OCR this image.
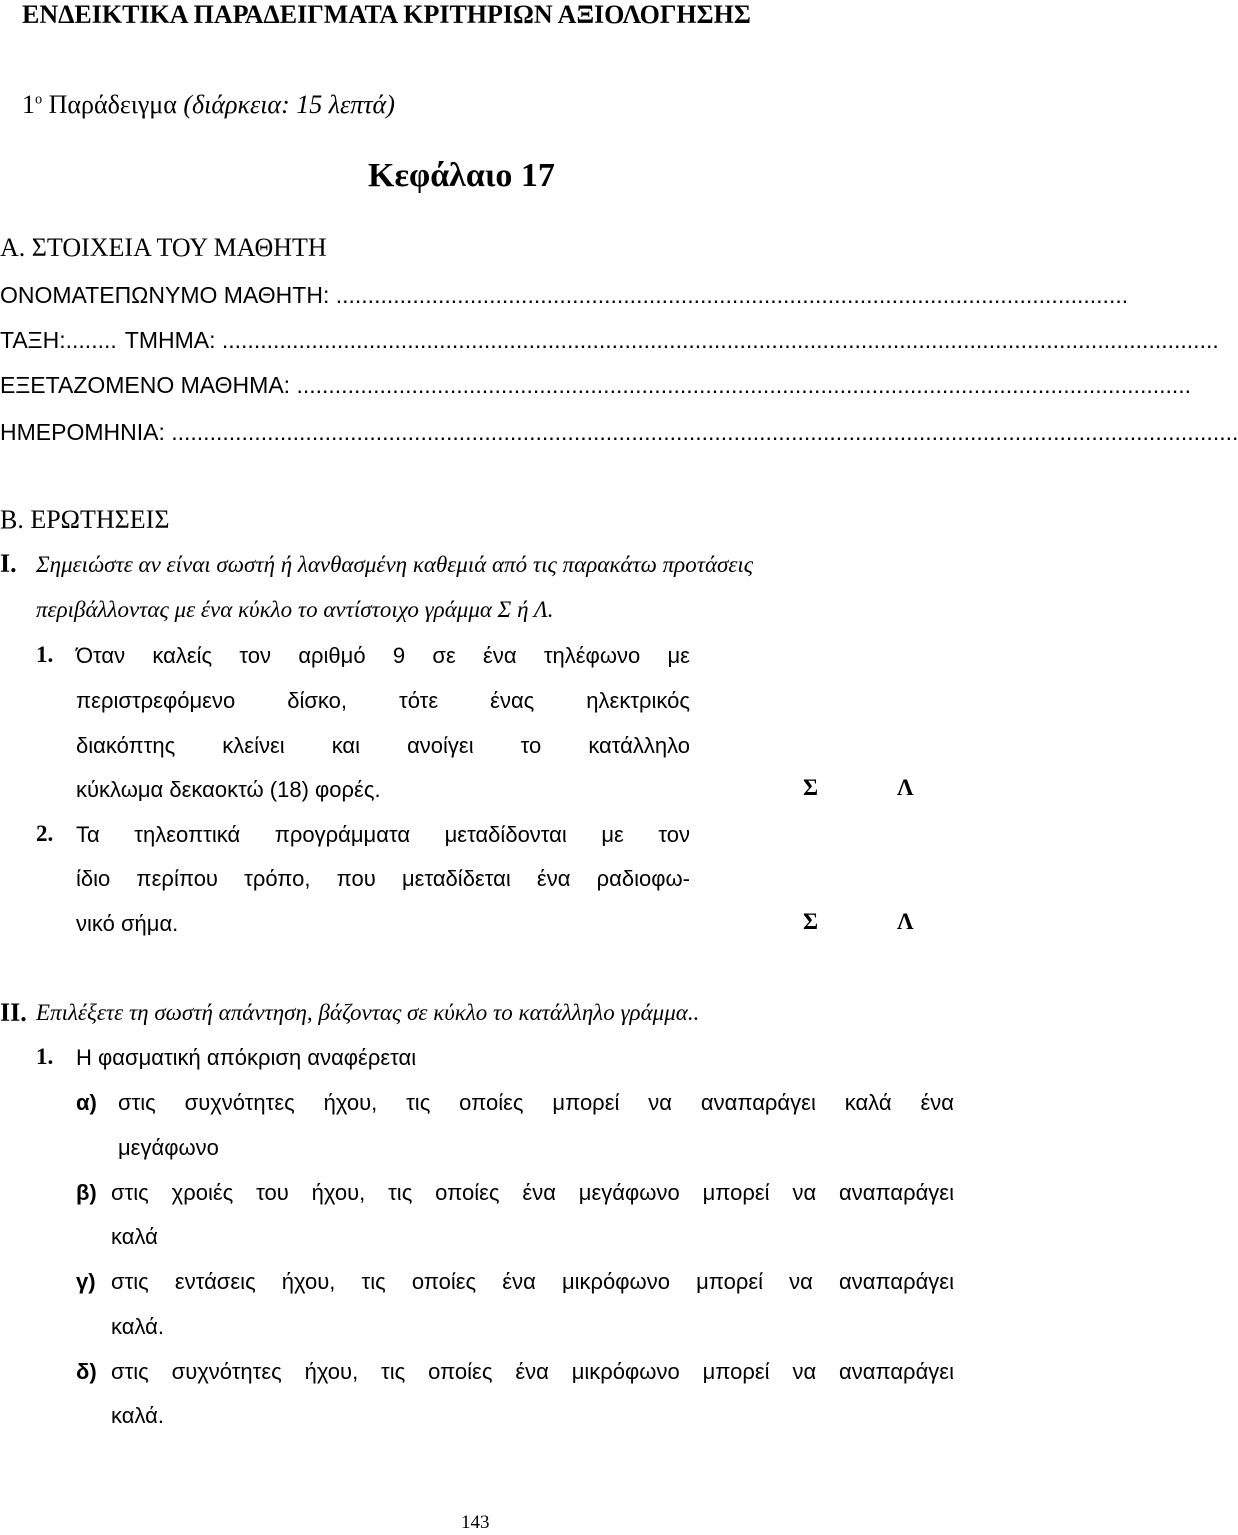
ΕΝΔΕΙΚΤΙΚΑ ΠΑΡΑΔΕΙΓΜΑΤΑ ΚΡΙΤΗΡΙΩΝ ΑΞΙΟΛΟΓΗΣΗΣ
$1^o$ Παράδειγμα (διάρκεια: 15 λεπτά)
Κεφάλαιο 17
Α. ΣΤΟΙΧΕΙΑ ΤΟΥ ΜΑΘΗΤΗ
ΟΝΟΜΑΤΕΠΩΝΥΜΟ ΜΑΘΗΤΗ: ............................................................................................................................
ΤΑΞΗ: ........ ΤΜΗΜΑ: ............................................................................................................................................................
ΕΞΕΤΑΖΟΜΕΝΟ ΜΑΘΗΜΑ: ............................................................................................................................................
ΗΜΕΡΟΜΗΝΙΑ: .......................................................................................................................................................................
Β. ΕΡΩΤΗΣΕΙΣ
Ι. Σημειώστε αν είναι σωστή ή λανθασμένη καθεμιά από τις παρακάτω προτάσεις
περιβάλλοντας με ένα κύκλο το αντίστοιχο γράμμα Σ ή Λ.
1. Όταν καλείς τον αριθμό 9 σε ένα τηλέφωνο με
περιστρεφόμενο δίσκο, τότε ένας ηλεκτρικός
διακόπτης κλείνει και ανοίγει το κατάλληλο
κύκλωμα δεκαοκτώ (18) φορές.	Σ	Λ
2. Τα τηλεοπτικά προγράμματα μεταδίδονται με τον
ίδιο περίπου τρόπο, που μεταδίδεται ένα ραδιοφω-
νικό σήμα.	Σ	Λ
ΙΙ. Επιλέξετε τη σωστή απάντηση, βάζοντας σε κύκλο το κατάλληλο γράμμα..
1. Η φασματική απόκριση αναφέρεται
α) στις συχνότητες ήχου, τις οποίες μπορεί να αναπαράγει καλά ένα
μεγάφωνο
β) στις χροιές του ήχου, τις οποίες ένα μεγάφωνο μπορεί να αναπαράγει
καλά
γ) στις εντάσεις ήχου, τις οποίες ένα μικρόφωνο μπορεί να αναπαράγει
καλά.
δ) στις συχνότητες ήχου, τις οποίες ένα μικρόφωνο μπορεί να αναπαράγει
καλά.
143
